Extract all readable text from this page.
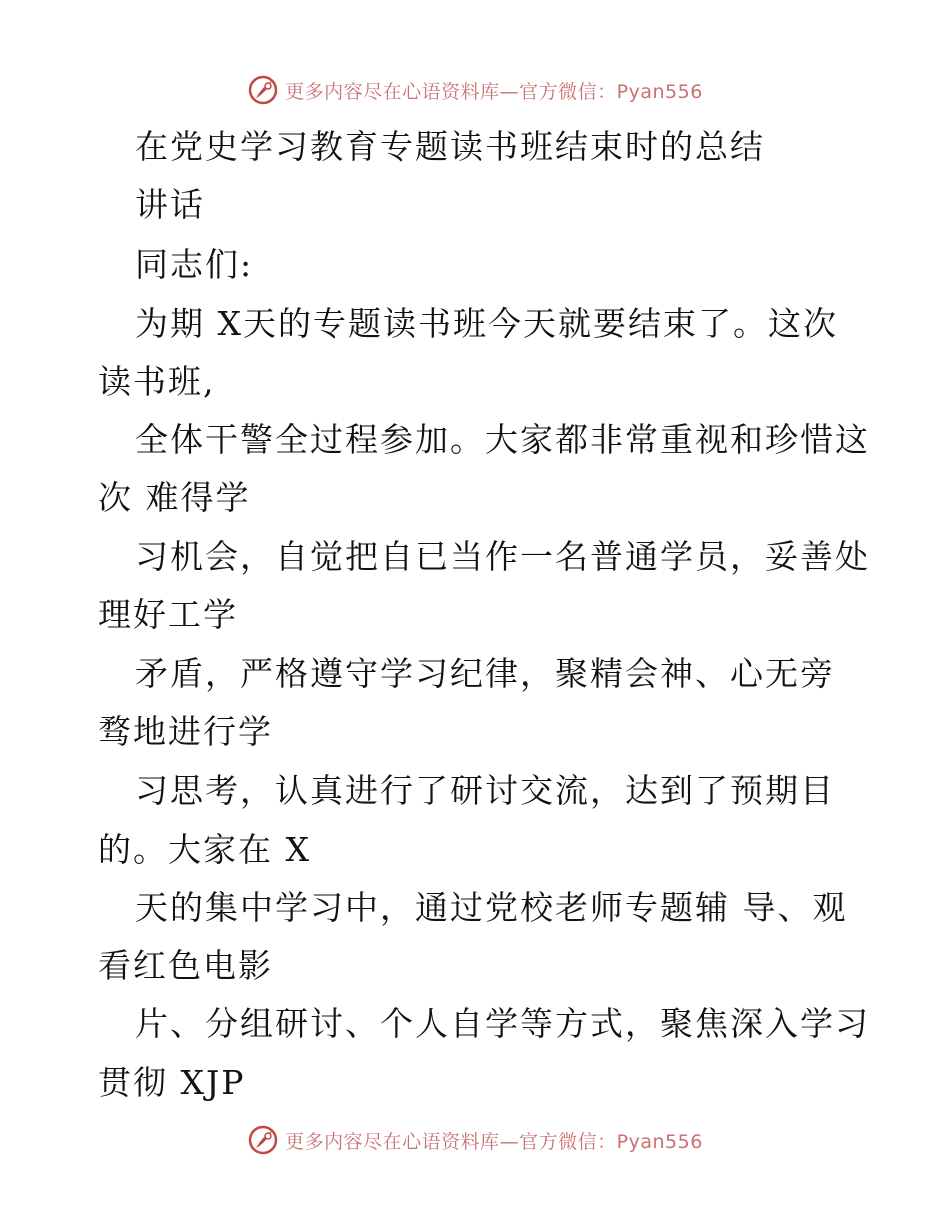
更多内容尽在心语资料库—官方微信：Pyan556
在党史学习教育专题读书班结束时的总结
讲话
同志们:
为期 X天的专题读书班今天就要结束了。这次
读书班,
全体干警全过程参加。大家都非常重视和珍惜这
次 难得学
习机会，自觉把自已当作一名普通学员，妥善处
理好工学
矛盾，严格遵守学习纪律，聚精会神、心无旁
骛地进行学
习思考，认真进行了研讨交流，达到了预期目
的。大家在 X
天的集中学习中，通过党校老师专题辅 导、观
看红色电影
片、分组研讨、个人自学等方式，聚焦深入学习
贯彻 XJP
更多内容尽在心语资料库—官方微信：Pyan556
